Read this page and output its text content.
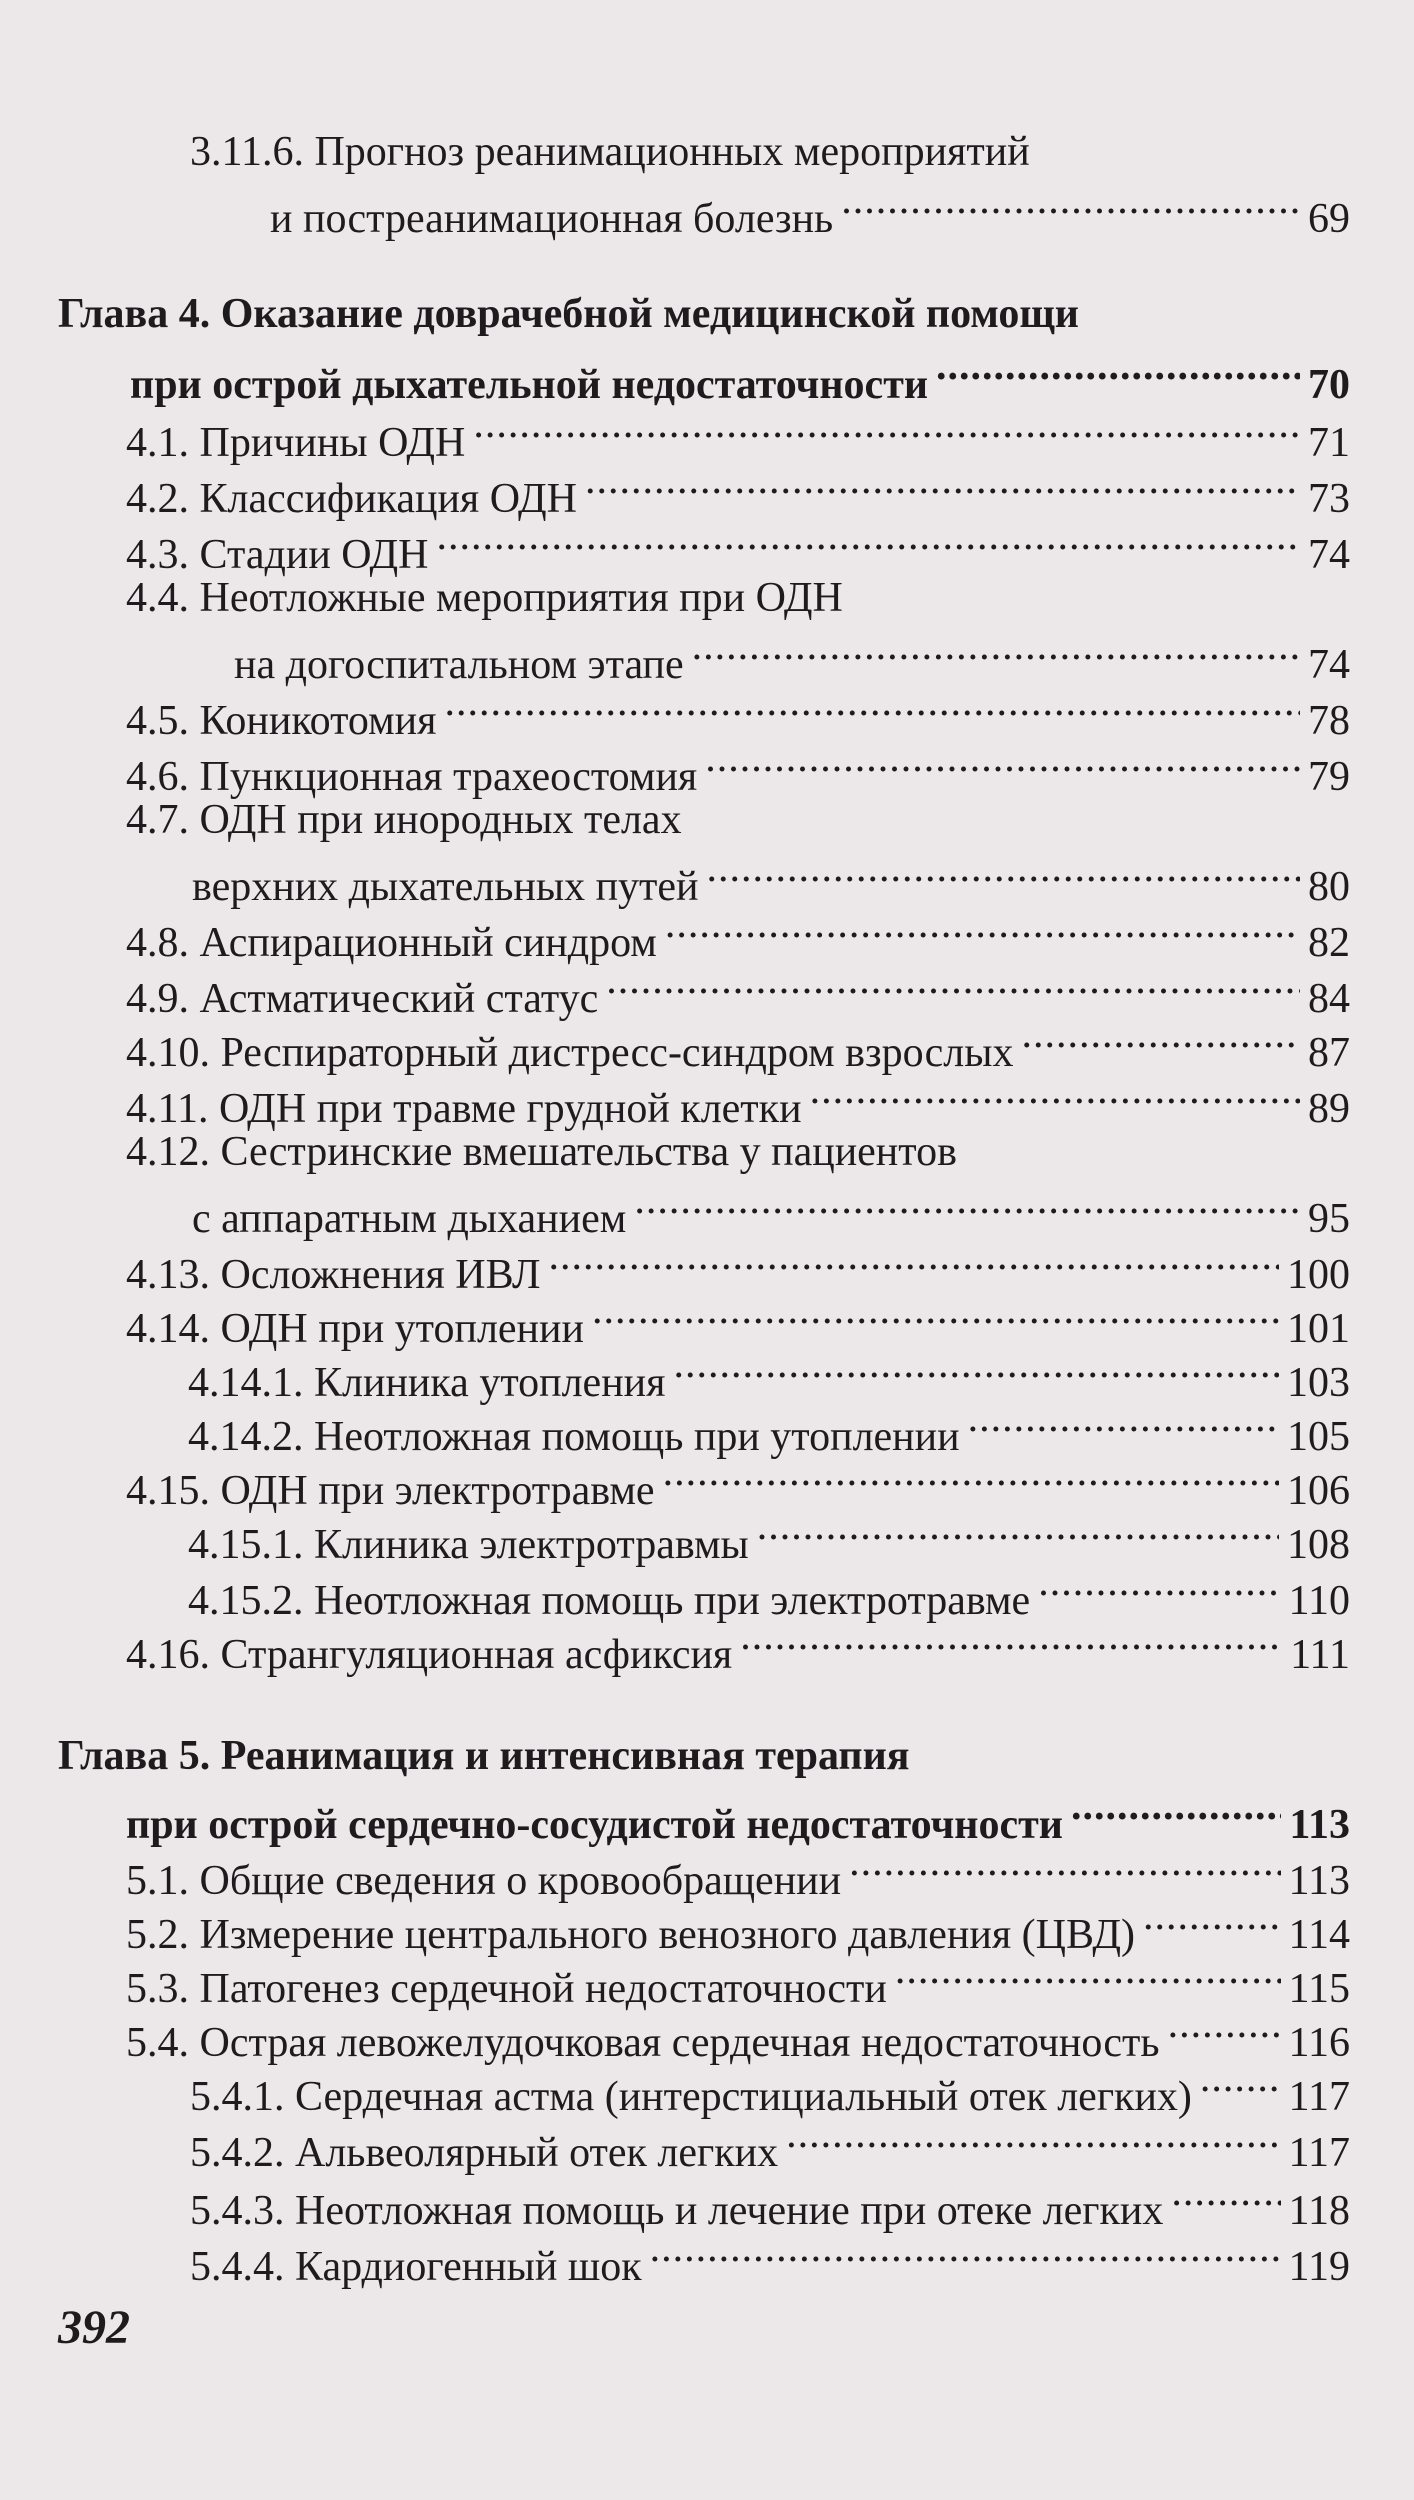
3.11.6. Прогноз реанимационных мероприятий
и постреанимационная болезнь .....	69
Глава 4. Оказание доврачебной медицинской помощи
при острой дыхательной недостаточности .....	70
4.1. Причины ОДН .....	71
4.2. Классификация ОДН .....	73
4.3. Стадии ОДН .....	74
4.4. Неотложные мероприятия при ОДН
на догоспитальном этапе .....	74
4.5. Коникотомия .....	78
4.6. Пункционная трахеостомия .....	79
4.7. ОДН при инородных телах
верхних дыхательных путей .....	80
4.8. Аспирационный синдром .....	82
4.9. Астматический статус .....	84
4.10. Респираторный дистресс-синдром взрослых .....	87
4.11. ОДН при травме грудной клетки .....	89
4.12. Сестринские вмешательства у пациентов
с аппаратным дыханием .....	95
4.13. Осложнения ИВЛ .....	100
4.14. ОДН при утоплении .....	101
4.14.1. Клиника утопления .....	103
4.14.2. Неотложная помощь при утоплении .....	105
4.15. ОДН при электротравме .....	106
4.15.1. Клиника электротравмы .....	108
4.15.2. Неотложная помощь при электротравме .....	110
4.16. Странгуляционная асфиксия .....	111
Глава 5. Реанимация и интенсивная терапия
при острой сердечно-сосудистой недостаточности .....	113
5.1. Общие сведения о кровообращении .....	113
5.2. Измерение центрального венозного давления (ЦВД) .....	114
5.3. Патогенез сердечной недостаточности .....	115
5.4. Острая левожелудочковая сердечная недостаточность .....	116
5.4.1. Сердечная астма (интерстициальный отек легких) ..... 117
5.4.2. Альвеолярный отек легких .....	117
5.4.3. Неотложная помощь и лечение при отеке легких .....	118
5.4.4. Кардиогенный шок .....	119
392
